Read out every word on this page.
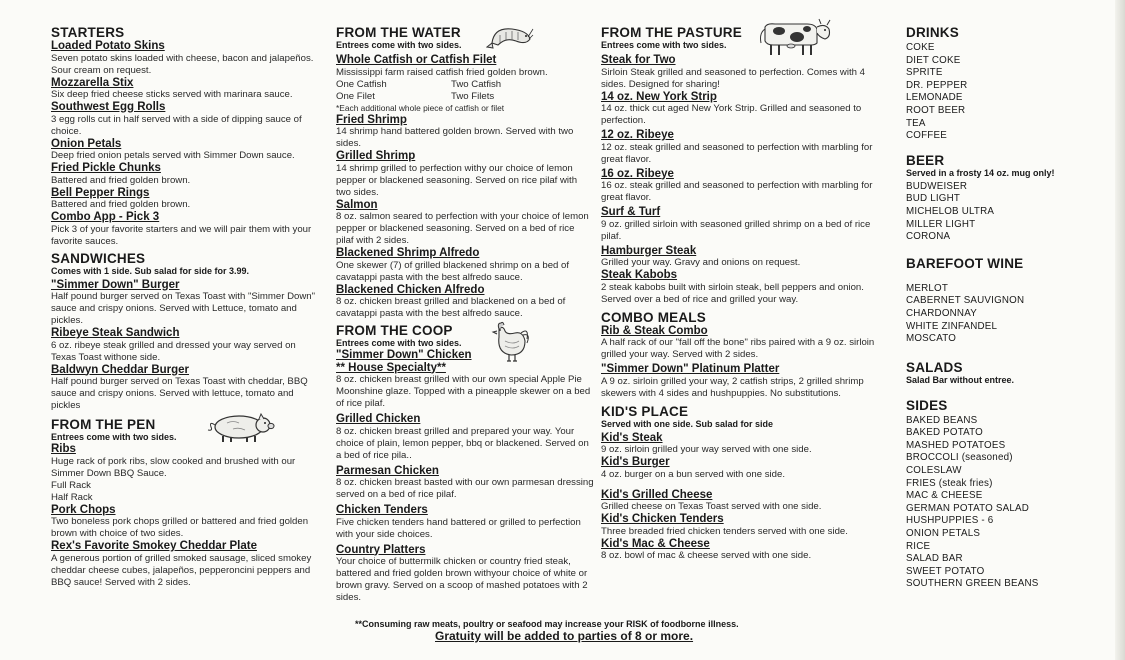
STARTERS
Loaded Potato Skins
Seven potato skins loaded with cheese, bacon and jalapeños. Sour cream on request.
Mozzarella Stix
Six deep fried cheese sticks served with marinara sauce.
Southwest Egg Rolls
3 egg rolls cut in half served with a side of dipping sauce of choice.
Onion Petals
Deep fried onion petals served with Simmer Down sauce.
Fried Pickle Chunks
Battered and fried golden brown.
Bell Pepper Rings
Battered and fried golden brown.
Combo App - Pick 3
Pick 3 of your favorite starters and we will pair them with your favorite sauces.
SANDWICHES
Comes with 1 side. Sub salad for side for 3.99.
"Simmer Down" Burger
Half pound burger served on Texas Toast with "Simmer Down" sauce and crispy onions. Served with Lettuce, tomato and pickles.
Ribeye Steak Sandwich
6 oz. ribeye steak grilled and dressed your way served on Texas Toast withone side.
Baldwyn Cheddar Burger
Half pound burger served on Texas Toast with cheddar, BBQ sauce and crispy onions. Served with lettuce, tomato and pickles
FROM THE PEN
Entrees come with two sides.
Ribs
Huge rack of pork ribs, slow cooked and brushed with our Simmer Down BBQ Sauce.
Full Rack
Half Rack
Pork Chops
Two boneless pork chops grilled or battered and fried golden brown with choice of two sides.
Rex's Favorite Smokey Cheddar Plate
A generous portion of grilled smoked sausage, sliced smokey cheddar cheese cubes, jalapeños, pepperoncini peppers and BBQ sauce! Served with 2 sides.
FROM THE WATER
Entrees come with two sides.
Whole Catfish or Catfish Filet
Mississippi farm raised catfish fried golden brown.
One Catfish	Two Catfish
One Filet	Two Filets
*Each additional whole piece of catfish or filet
Fried Shrimp
14 shrimp hand battered golden brown. Served with two sides.
Grilled Shrimp
14 shrimp grilled to perfection withy our choice of lemon pepper or blackened seasoning. Served on rice pilaf with two sides.
Salmon
8 oz. salmon seared to perfection with your choice of lemon pepper or blackened seasoning. Served on a bed of rice pilaf with 2 sides.
Blackened Shrimp Alfredo
One skewer (7) of grilled blackened shrimp on a bed of cavatappi pasta with the best alfredo sauce.
Blackened Chicken Alfredo
8 oz. chicken breast grilled and blackened on a bed of cavatappi pasta with the best alfredo sauce.
FROM THE COOP
Entrees come with two sides.
"Simmer Down" Chicken
** House Specialty**
8 oz. chicken breast grilled with our own special Apple Pie Moonshine glaze. Topped with a pineapple skewer on a bed of rice pilaf.
Grilled Chicken
8 oz. chicken breast grilled and prepared your way. Your choice of plain, lemon pepper, bbq or blackened. Served on a bed of rice pila..
Parmesan Chicken
8 oz. chicken breast basted with our own parmesan dressing served on a bed of rice pilaf.
Chicken Tenders
Five chicken tenders hand battered or grilled to perfection with your side choices.
Country Platters
Your choice of buttermilk chicken or country fried steak, battered and fried golden brown withyour choice of white or brown gravy. Served on a scoop of mashed potatoes with 2 sides.
FROM THE PASTURE
Entrees come with two sides.
Steak for Two
Sirloin Steak grilled and seasoned to perfection. Comes with 4 sides. Designed for sharing!
14 oz. New York Strip
14 oz. thick cut aged New York Strip. Grilled and seasoned to perfection.
12 oz. Ribeye
12 oz. steak grilled and seasoned to perfection with marbling for great flavor.
16 oz. Ribeye
16 oz. steak grilled and seasoned to perfection with marbling for great flavor.
Surf & Turf
9 oz. grilled sirloin with seasoned grilled shrimp on a bed of rice pilaf.
Hamburger Steak
Grilled your way. Gravy and onions on request.
Steak Kabobs
2 steak kabobs built with sirloin steak, bell peppers and onion. Served over a bed of rice and grilled your way.
COMBO MEALS
Rib & Steak Combo
A half rack of our "fall off the bone" ribs paired with a 9 oz. sirloin grilled your way. Served with 2 sides.
"Simmer Down" Platinum Platter
A 9 oz. sirloin grilled your way, 2 catfish strips, 2 grilled shrimp skewers with 4 sides and hushpuppies. No substitutions.
KID'S PLACE
Served with one side. Sub salad for side
Kid's Steak
9 oz. sirloin grilled your way served with one side.
Kid's Burger
4 oz. burger on a bun served with one side.
Kid's Grilled Cheese
Grilled cheese on Texas Toast served with one side.
Kid's Chicken Tenders
Three breaded fried chicken tenders served with one side.
Kid's Mac & Cheese
8 oz. bowl of mac & cheese served with one side.
DRINKS
COKE
DIET COKE
SPRITE
DR. PEPPER
LEMONADE
ROOT BEER
TEA
COFFEE
BEER
Served in a frosty 14 oz. mug only!
BUDWEISER
BUD LIGHT
MICHELOB ULTRA
MILLER LIGHT
CORONA
BAREFOOT WINE
MERLOT
CABERNET SAUVIGNON
CHARDONNAY
WHITE ZINFANDEL
MOSCATO
SALADS
Salad Bar without entree.
SIDES
BAKED BEANS
BAKED POTATO
MASHED POTATOES
BROCCOLI (seasoned)
COLESLAW
FRIES (steak fries)
MAC & CHEESE
GERMAN POTATO SALAD
HUSHPUPPIES - 6
ONION PETALS
RICE
SALAD BAR
SWEET POTATO
SOUTHERN GREEN BEANS
**Consuming raw meats, poultry or seafood may increase your RISK of foodborne illness.
Gratuity will be added to parties of 8 or more.
